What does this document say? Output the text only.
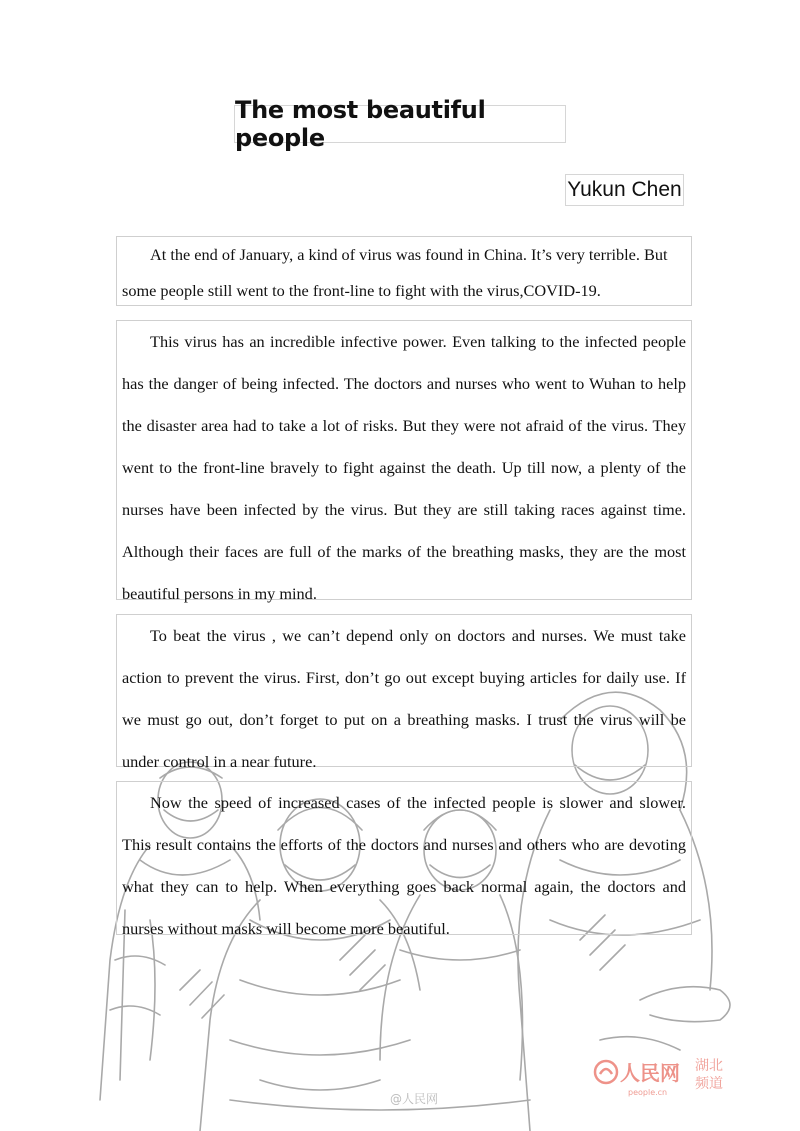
The most beautiful people
Yukun Chen
At the end of January, a kind of virus was found in China. It’s very terrible. But some people still went to the front-line to fight with the virus,COVID-19.
This virus has an incredible infective power. Even talking to the infected people has the danger of being infected. The doctors and nurses who went to Wuhan to help the disaster area had to take a lot of risks. But they were not afraid of the virus. They went to the front-line bravely to fight against the death. Up till now, a plenty of the nurses have been infected by the virus. But they are still taking races against time. Although their faces are full of the marks of the breathing masks, they are the most beautiful persons in my mind.
To beat the virus , we can’t depend only on doctors and nurses. We must take action to prevent the virus. First, don’t go out except buying articles for daily use. If we must go out, don’t forget to put on a breathing masks. I trust the virus will be under control in a near future.
Now the speed of increased cases of the infected people is slower and slower. This result contains the efforts of the doctors and nurses and others who are devoting what they can to help. When everything goes back normal again, the doctors and nurses without masks will become more beautiful.
人民网 湖北
频道
people.cn
@人民网
